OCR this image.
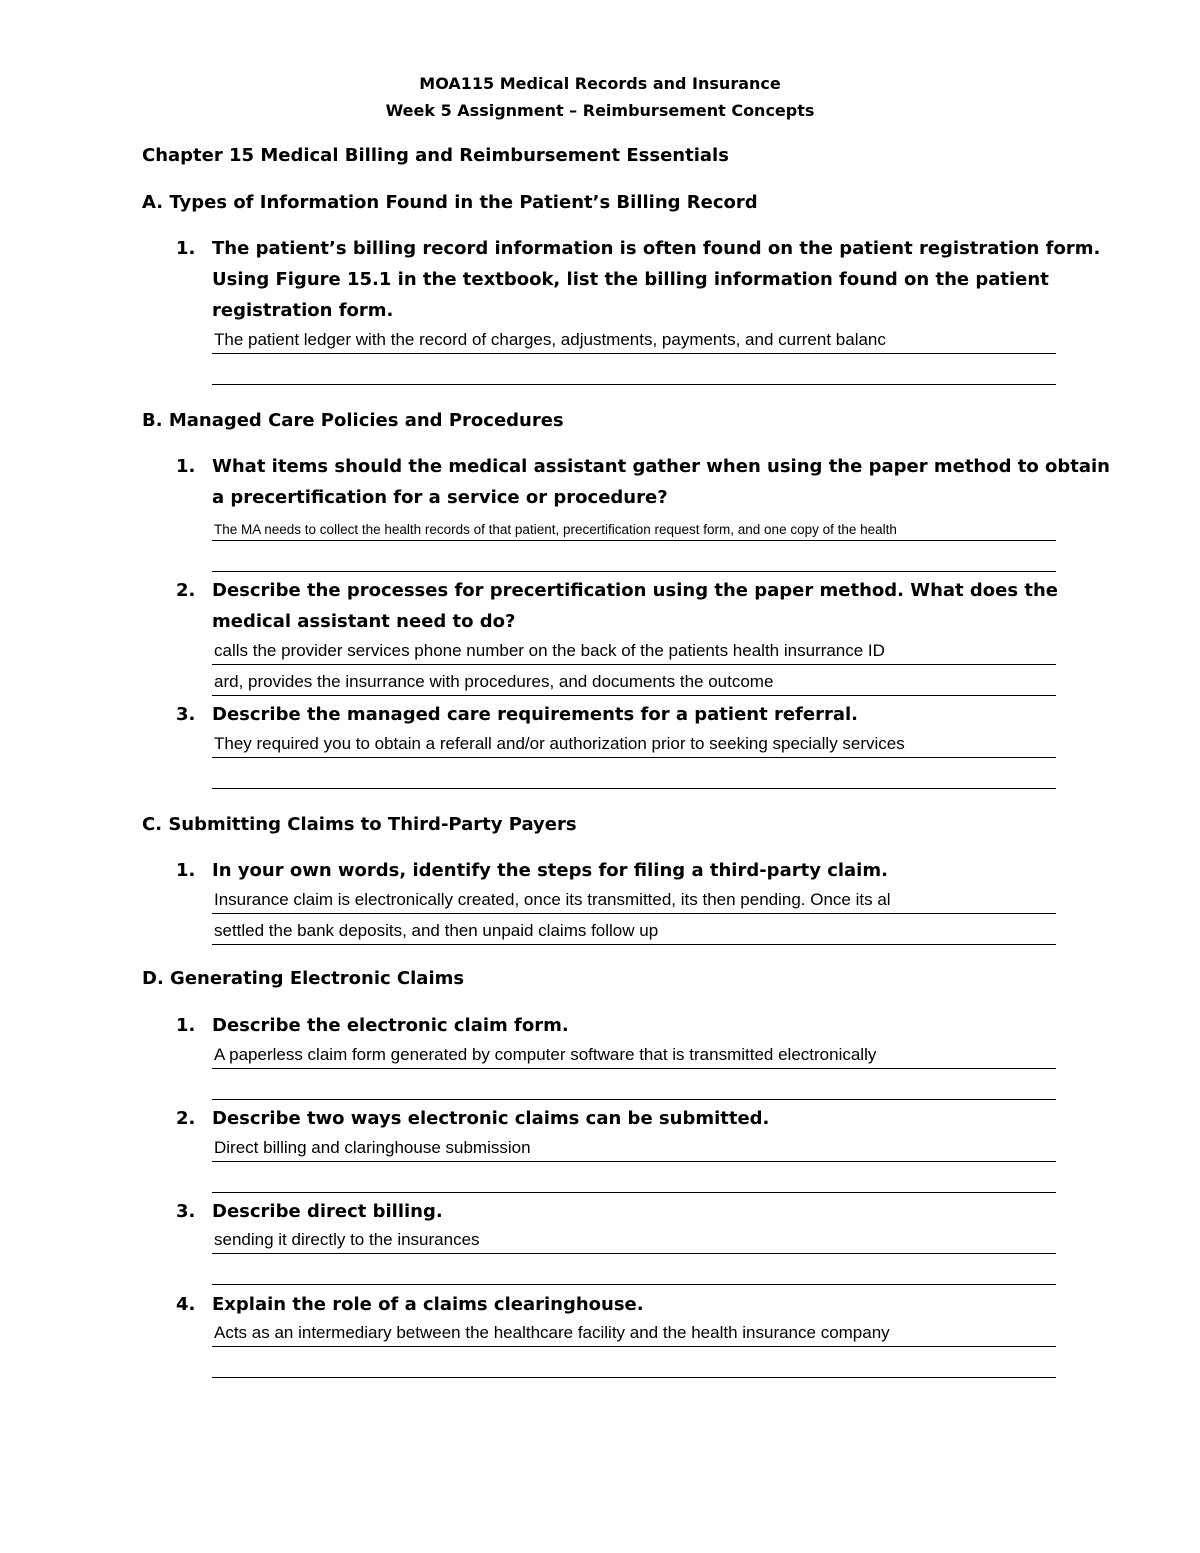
MOA115 Medical Records and Insurance
Week 5 Assignment – Reimbursement Concepts
Chapter 15 Medical Billing and Reimbursement Essentials
A. Types of Information Found in the Patient’s Billing Record
1. The patient’s billing record information is often found on the patient registration form.
Using Figure 15.1 in the textbook, list the billing information found on the patient
registration form.
The patient ledger with the record of charges, adjustments, payments, and current balanc
B. Managed Care Policies and Procedures
1. What items should the medical assistant gather when using the paper method to obtain
a precertification for a service or procedure?
The MA needs to collect the health records of that patient, precertification request form, and one copy of the health
2. Describe the processes for precertification using the paper method. What does the
medical assistant need to do?
calls the provider services phone number on the back of the patients health insurrance ID
ard, provides the insurrance with procedures, and documents the outcome
3. Describe the managed care requirements for a patient referral.
They required you to obtain a referall and/or authorization prior to seeking specially services
C. Submitting Claims to Third-Party Payers
1. In your own words, identify the steps for filing a third-party claim.
Insurance claim is electronically created, once its transmitted, its then pending. Once its al
settled the bank deposits, and then unpaid claims follow up
D. Generating Electronic Claims
1. Describe the electronic claim form.
A paperless claim form generated by computer software that is transmitted electronically
2. Describe two ways electronic claims can be submitted.
Direct billing and claringhouse submission
3. Describe direct billing.
sending it directly to the insurances
4. Explain the role of a claims clearinghouse.
Acts as an intermediary between the healthcare facility and the health insurance company
